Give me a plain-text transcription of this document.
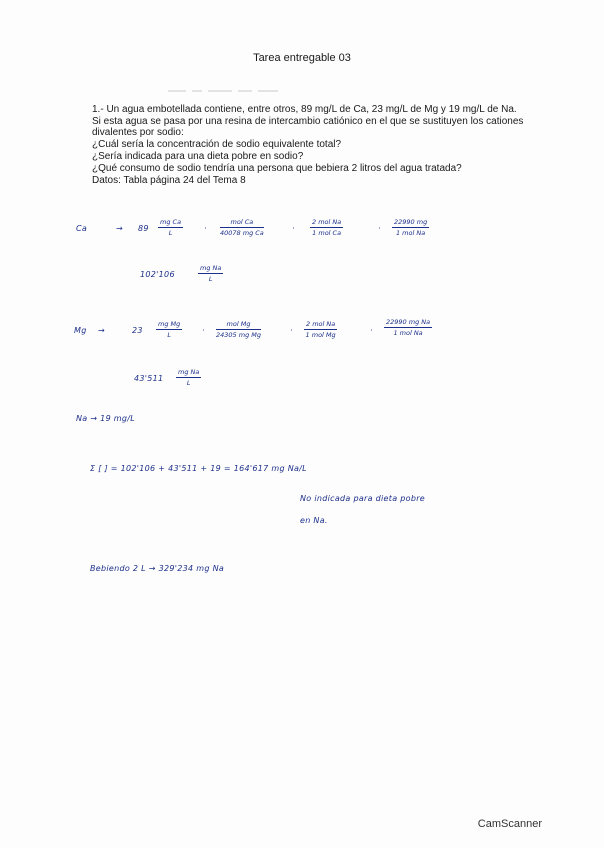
Tarea entregable 03
1.- Un agua embotellada contiene, entre otros, 89 mg/L de Ca, 23 mg/L de Mg y 19 mg/L de Na.
Si esta agua se pasa por una resina de intercambio catiónico en el que se sustituyen los cationes
divalentes por sodio:
¿Cuál sería la concentración de sodio equivalente total?
¿Sería indicada para una dieta pobre en sodio?
¿Qué consumo de sodio tendría una persona que bebiera 2 litros del agua tratada?
Datos: Tabla página 24 del Tema 8
Ca	→ $89 \frac{\text{mg Ca}}{L}$	·
mol Ca
40078 mg Ca	·
2 mol Na
1 mol Ca	·
22990 mg
1 mol Na
102'106	$\frac{\text{mg Na}}{L}$
Mg →	$23 \frac{\text{mg Mg}}{L}$ ·
mol Mg
24305 mg Mg	·
2 mol Na
1 mol Mg	·
22990 mg Na
1 mol Na
$43'511 \frac{\text{mg Na}}{L}$
Na → 19 mg/L
Σ [ ] = 102'106 + 43'511 + 19 = 164'617 mg Na/L
No indicada para dieta pobre
en Na.
Bebiendo 2 L → 329'234 mg Na
CamScanner
